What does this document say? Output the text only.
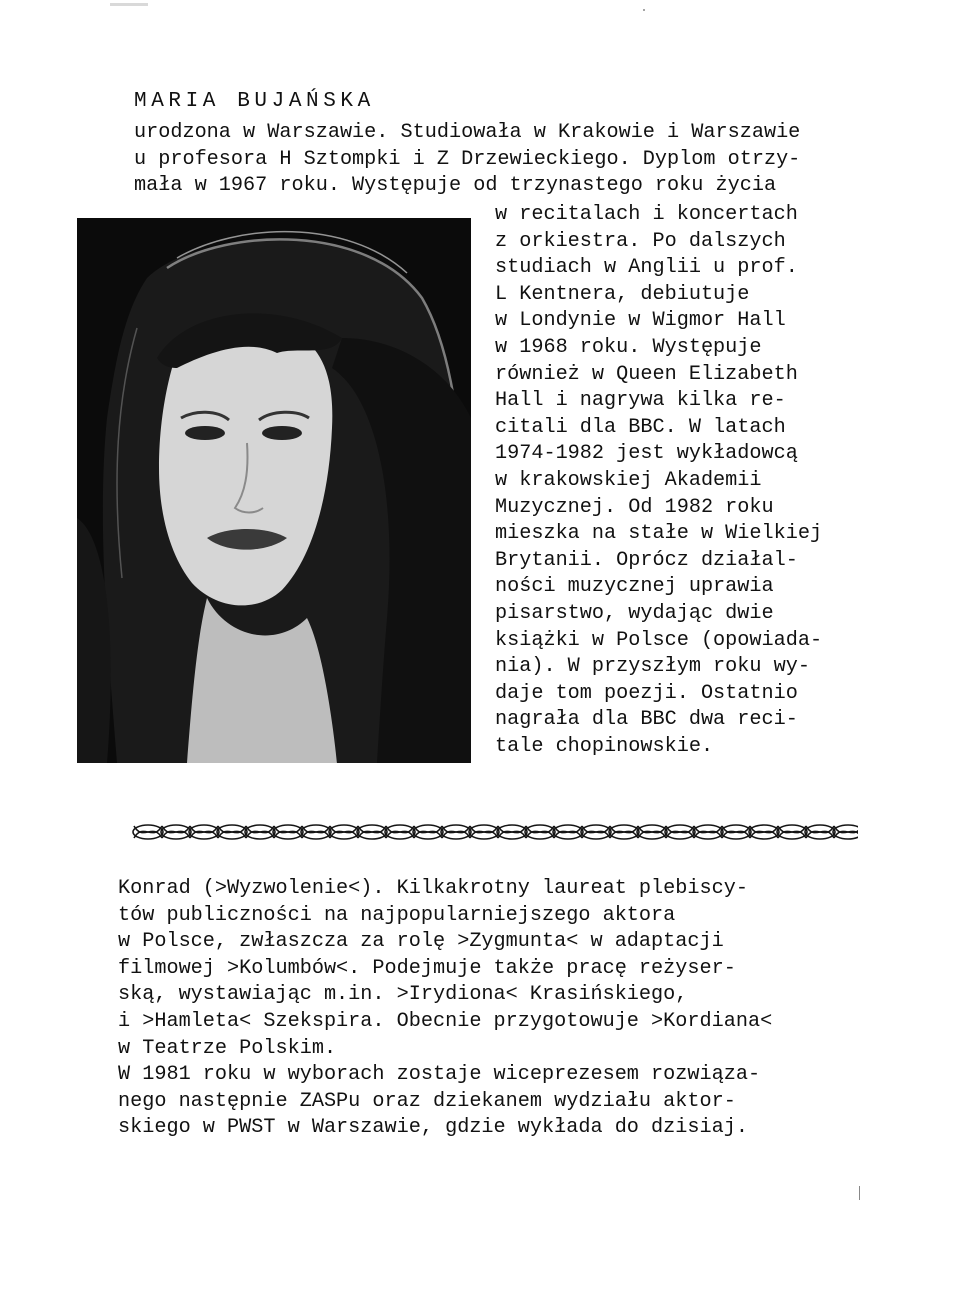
MARIA BUJAŃSKA
urodzona w Warszawie. Studiowała w Krakowie i Warszawie
u profesora H Sztompki i Z Drzewieckiego. Dyplom otrzy-
mała w 1967 roku. Występuje od trzynastego roku życia
w recitalach i koncertach
z orkiestra. Po dalszych
studiach w Anglii u prof.
L Kentnera, debiutuje
w Londynie w Wigmor Hall
w 1968 roku. Występuje
również w Queen Elizabeth
Hall i nagrywa kilka re-
citali dla BBC. W latach
1974-1982 jest wykładowcą
w krakowskiej Akademii
Muzycznej. Od 1982 roku
mieszka na stałe w Wielkiej
Brytanii. Oprócz działal-
ności muzycznej uprawia
pisarstwo, wydając dwie
książki w Polsce (opowiada-
nia). W przyszłym roku wy-
daje tom poezji. Ostatnio
nagrała dla BBC dwa reci-
tale chopinowskie.
Konrad (>Wyzwolenie<). Kilkakrotny laureat plebiscy-
tów publiczności na najpopularniejszego aktora
w Polsce, zwłaszcza za rolę >Zygmunta< w adaptacji
filmowej >Kolumbów<. Podejmuje także pracę reżyser-
ską, wystawiając m.in. >Irydiona< Krasińskiego,
i >Hamleta< Szekspira. Obecnie przygotowuje >Kordiana<
w Teatrze Polskim.
W 1981 roku w wyborach zostaje wiceprezesem rozwiąza-
nego następnie ZASPu oraz dziekanem wydziału aktor-
skiego w PWST w Warszawie, gdzie wykłada do dzisiaj.
